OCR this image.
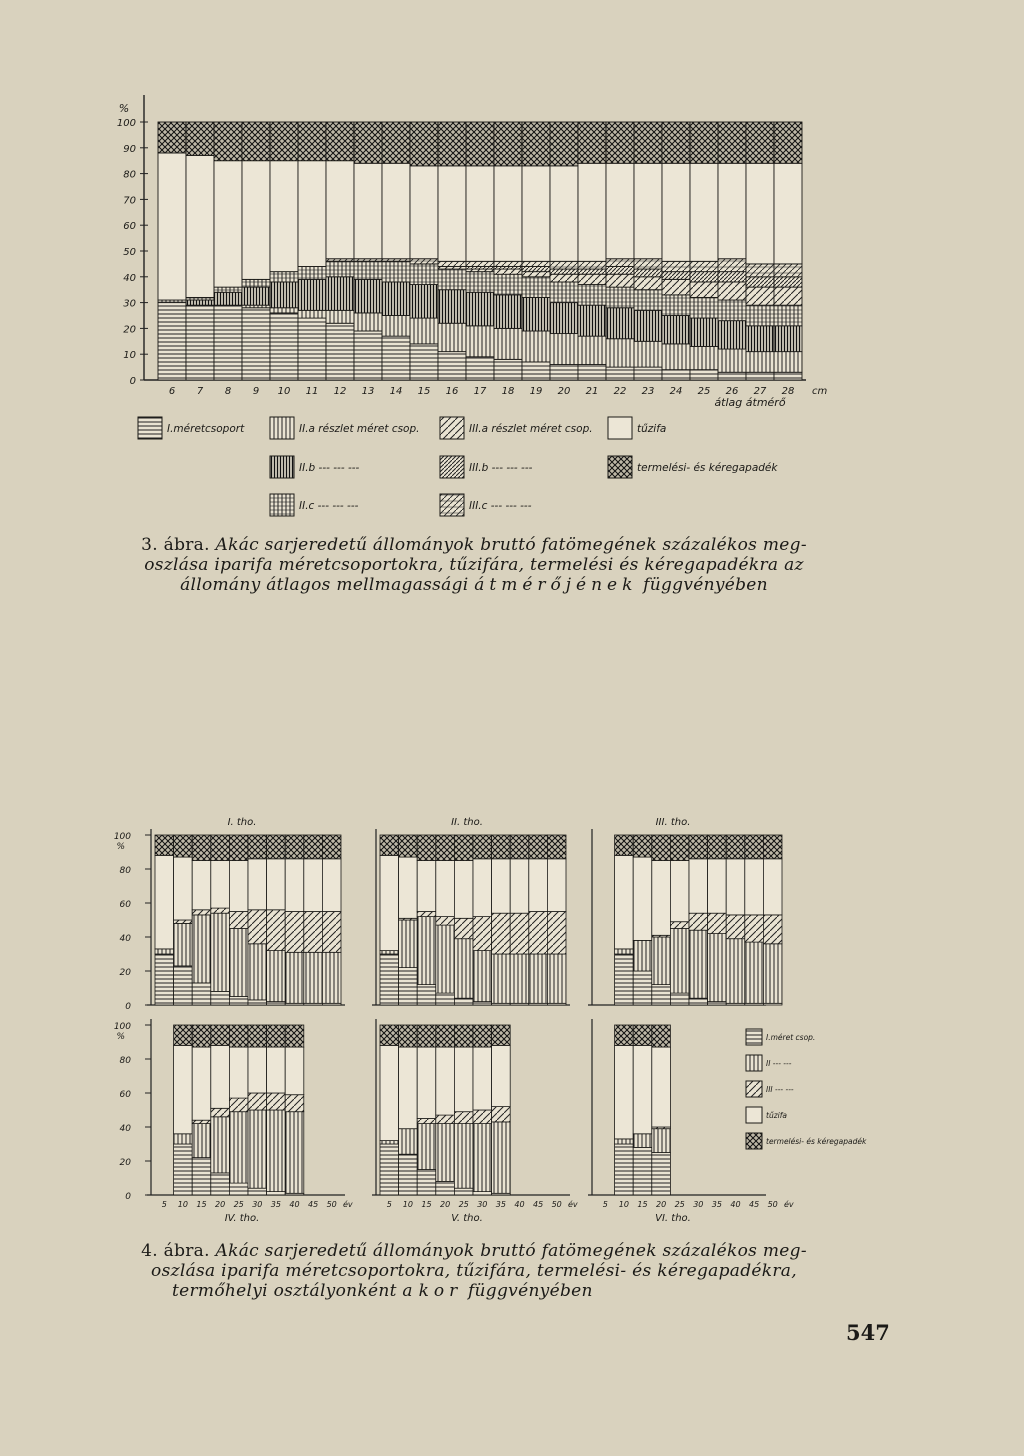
0
10
20
30
40
50
60
70
80
90
100
%
6 7 8 9 10 11 12 13 14 15 16 17 18 19 20 21 22 23 24 25 26 27 28 cm
átlag átmérő
I.méretcsoport	II.a részlet méret csop.	III.a részlet méret csop.	tűzifa
II.b --- --- ---	III.b --- --- ---	termelési- és kéregapadék
II.c --- --- ---	III.c --- --- ---
3. ábra. Akác sarjeredetű állományok bruttó fatömegének százalékos meg-
oszlása iparifa méretcsoportokra, tűzifára, termelési és kéregapadékra az
állomány átlagos mellmagassági átmérőjének függvényében
0
20
40
60
80
100
%
I. tho.	II. tho.	III. tho.
0
20
40
60
80
100
%
5 10 15 20 25 30 35 40 45 50 év
IV. tho.
5 10 15 20 25 30 35 40 45 50 év
V. tho.
5 10 15 20 25 30 35 40 45 50 év
VI. tho.
I.méret csop.
II --- ---
III --- ---
tűzifa
termelési- és kéregapadék
4. ábra. Akác sarjeredetű állományok bruttó fatömegének százalékos meg-
oszlása iparifa méretcsoportokra, tűzifára, termelési- és kéregapadékra,
termőhelyi osztályonként a kor függvényében
547
